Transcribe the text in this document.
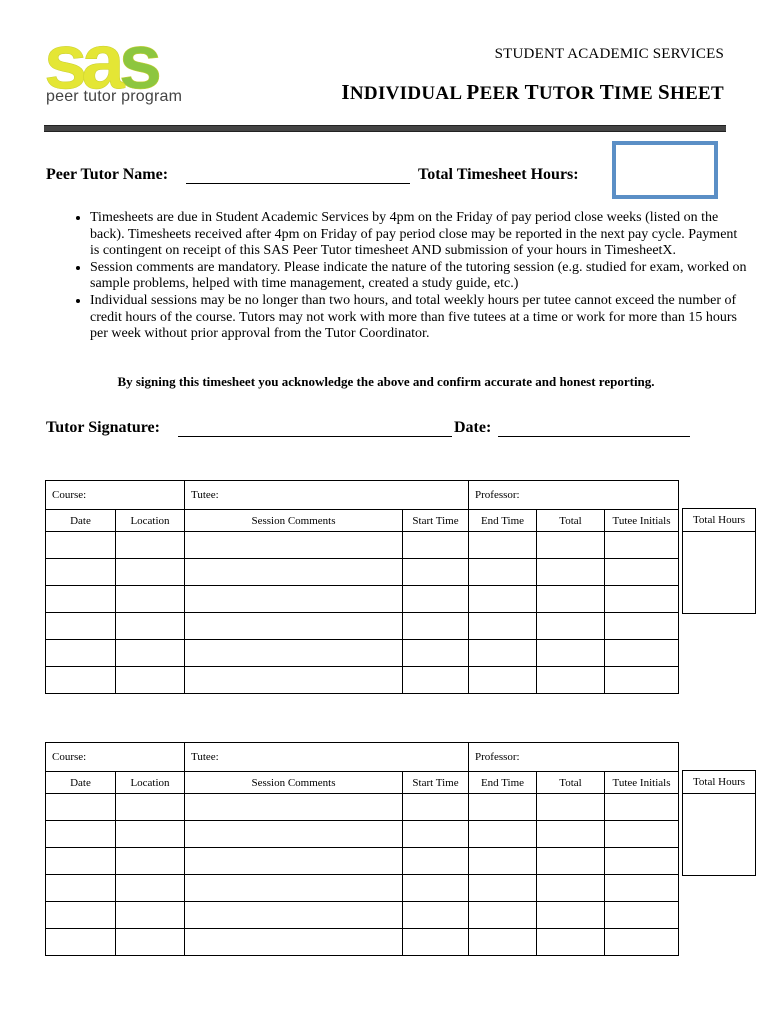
sas
peer tutor program
STUDENT ACADEMIC SERVICES
INDIVIDUAL PEER TUTOR TIME SHEET
Peer Tutor Name:	Total Timesheet Hours:
• Timesheets are due in Student Academic Services by 4pm on the Friday of pay period close weeks (listed on the back). Timesheets received after 4pm on Friday of pay period close may be reported in the next pay cycle. Payment is contingent on receipt of this SAS Peer Tutor timesheet AND submission of your hours in TimesheetX.
• Session comments are mandatory. Please indicate the nature of the tutoring session (e.g. studied for exam, worked on sample problems, helped with time management, created a study guide, etc.)
• Individual sessions may be no longer than two hours, and total weekly hours per tutee cannot exceed the number of credit hours of the course. Tutors may not work with more than five tutees at a time or work for more than 15 hours per week without prior approval from the Tutor Coordinator.
By signing this timesheet you acknowledge the above and confirm accurate and honest reporting.
Tutor Signature:	Date:
Course:		Tutee:		Professor:		
Date	Location	Session Comments	Start Time	End Time	Total	Tutee Initials

							Total Hours
Course:		Tutee:		Professor:		
Date	Location	Session Comments	Start Time	End Time	Total	Tutee Initials

							Total Hours
